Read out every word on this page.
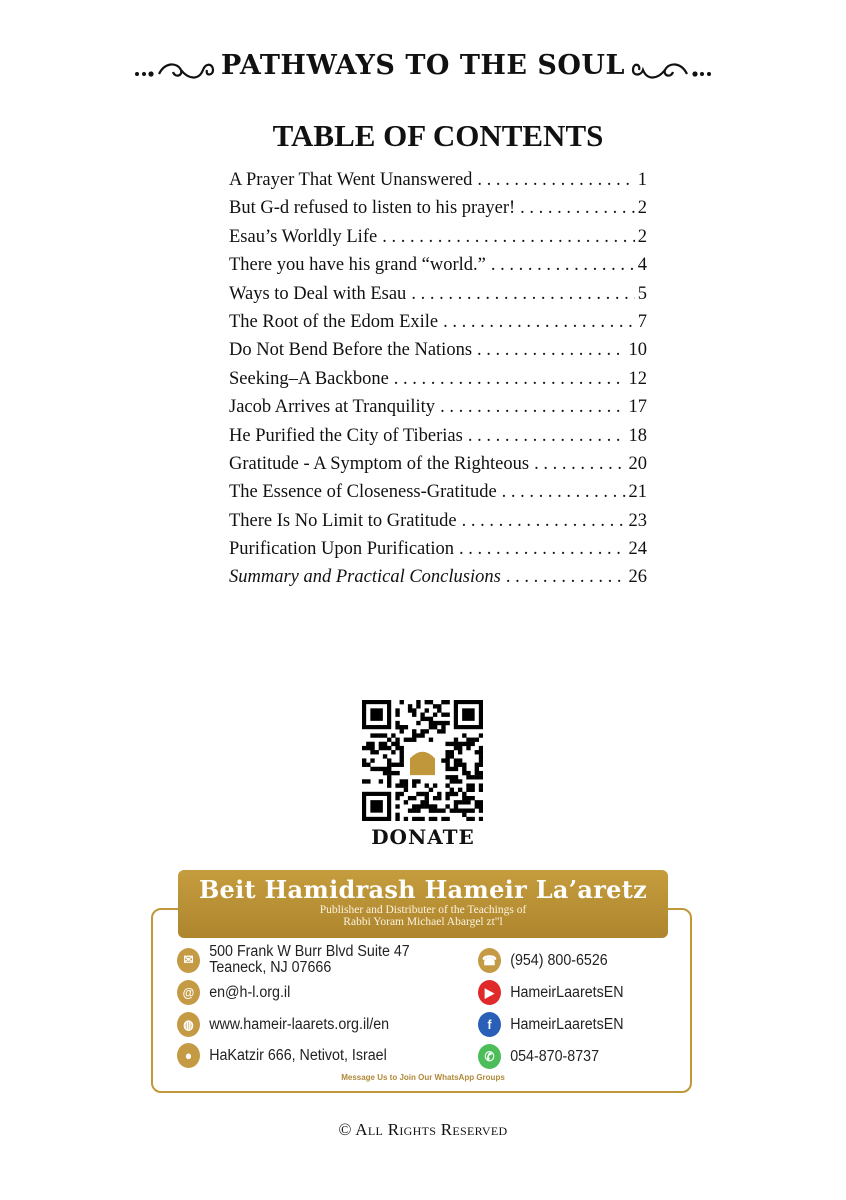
PATHWAYS TO THE SOUL
TABLE OF CONTENTS
A Prayer That Went Unanswered . . .	1
But G-d refused to listen to his prayer! . . .	2
Esau’s Worldly Life . . .	2
There you have his grand “world.” . . .	4
Ways to Deal with Esau . . .	5
The Root of the Edom Exile . . .	7
Do Not Bend Before the Nations . . .	10
Seeking–A Backbone . . .	12
Jacob Arrives at Tranquility . . .	17
He Purified the City of Tiberias . . .	18
Gratitude - A Symptom of the Righteous . . .	20
The Essence of Closeness-Gratitude . . .	21
There Is No Limit to Gratitude . . .	23
Purification Upon Purification . . .	24
Summary and Practical Conclusions . . .	26
DONATE
Beit Hamidrash Hameir La’aretz
Publisher and Distributer of the Teachings of
Rabbi Yoram Michael Abargel zt"l
✉	500 Frank W Burr Blvd Suite 47
Teaneck, NJ 07666
@ en@h-l.org.il
◍ www.hameir-laarets.org.il/en
●	HaKatzir 666, Netivot, Israel
☎ (954) 800-6526
▶	HameirLaaretsEN
f	HameirLaaretsEN
✆	054-870-8737
Message Us to Join Our WhatsApp Groups
© All Rights Reserved
